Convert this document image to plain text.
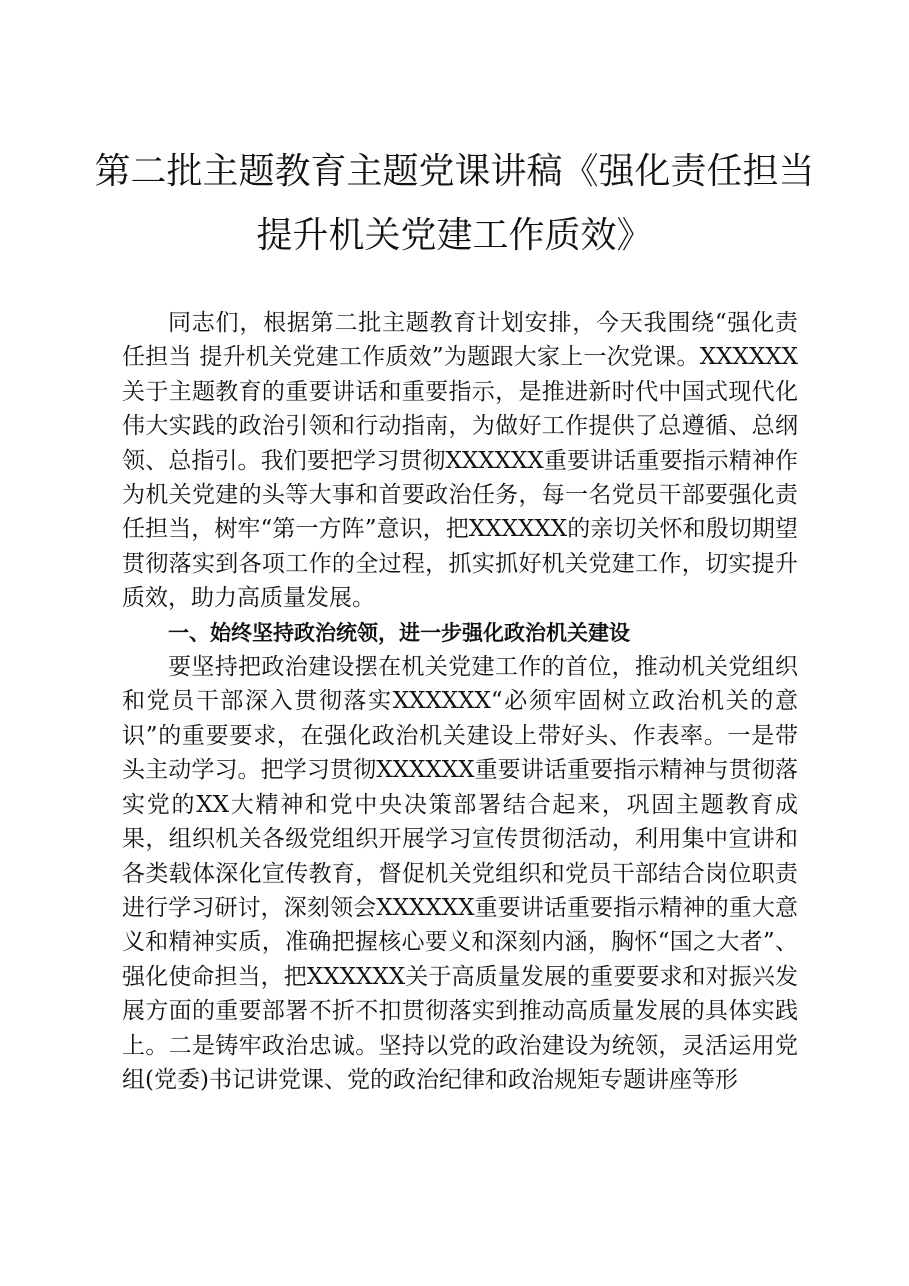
第二批主题教育主题党课讲稿《强化责任担当
提升机关党建工作质效》

同志们，根据第二批主题教育计划安排，今天我围绕“强化责任担当 提升机关党建工作质效”为题跟大家上一次党课。XXXXXX关于主题教育的重要讲话和重要指示，是推进新时代中国式现代化伟大实践的政治引领和行动指南，为做好工作提供了总遵循、总纲领、总指引。我们要把学习贯彻XXXXXX重要讲话重要指示精神作为机关党建的头等大事和首要政治任务，每一名党员干部要强化责任担当，树牢“第一方阵”意识，把XXXXXX的亲切关怀和殷切期望贯彻落实到各项工作的全过程，抓实抓好机关党建工作，切实提升质效，助力高质量发展。

一、始终坚持政治统领，进一步强化政治机关建设

要坚持把政治建设摆在机关党建工作的首位，推动机关党组织和党员干部深入贯彻落实XXXXXX“必须牢固树立政治机关的意识”的重要要求，在强化政治机关建设上带好头、作表率。一是带头主动学习。把学习贯彻XXXXXX重要讲话重要指示精神与贯彻落实党的XX大精神和党中央决策部署结合起来，巩固主题教育成果，组织机关各级党组织开展学习宣传贯彻活动，利用集中宣讲和各类载体深化宣传教育，督促机关党组织和党员干部结合岗位职责进行学习研讨，深刻领会XXXXXX重要讲话重要指示精神的重大意义和精神实质，准确把握核心要义和深刻内涵，胸怀“国之大者”、强化使命担当，把XXXXXX关于高质量发展的重要要求和对振兴发展方面的重要部署不折不扣贯彻落实到推动高质量发展的具体实践上。二是铸牢政治忠诚。坚持以党的政治建设为统领，灵活运用党组(党委)书记讲党课、党的政治纪律和政治规矩专题讲座等形
